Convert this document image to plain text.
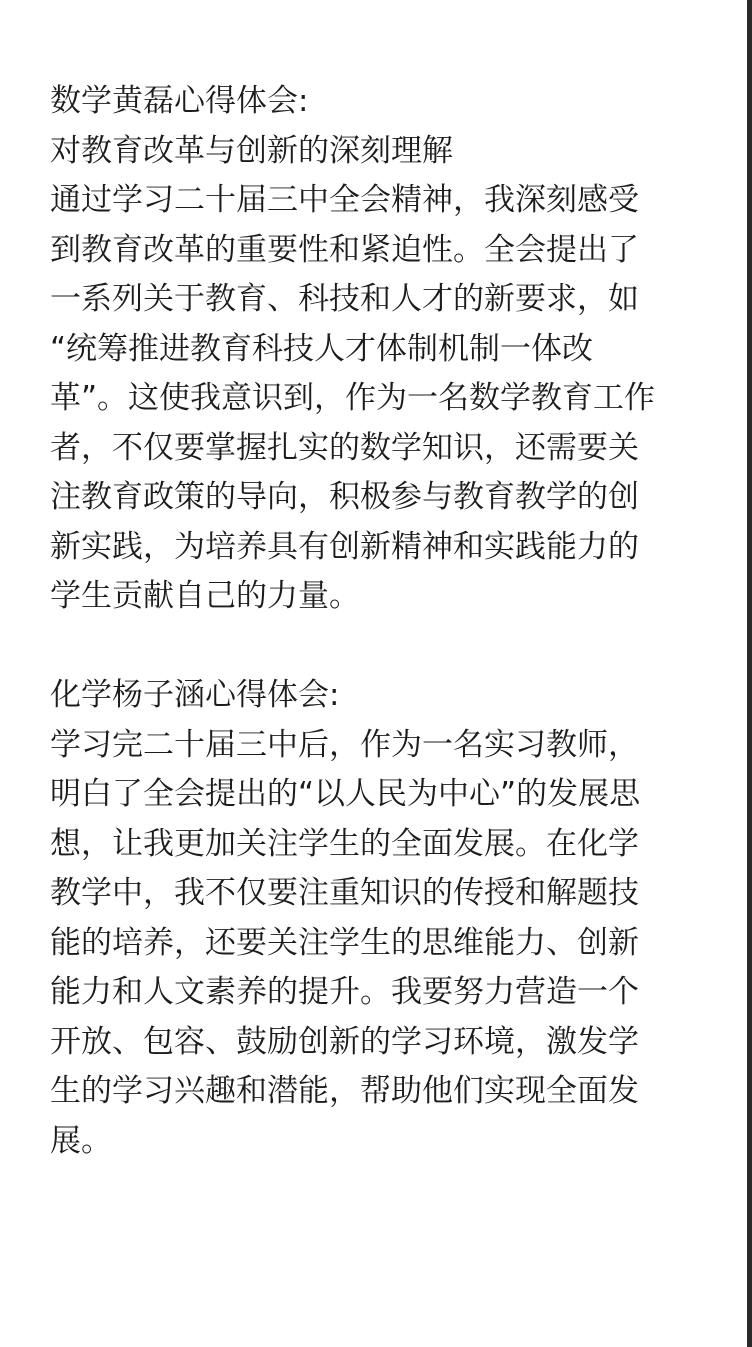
数学黄磊心得体会:
对教育改革与创新的深刻理解
通过学习二十届三中全会精神，我深刻感受
到教育改革的重要性和紧迫性。全会提出了
一系列关于教育、科技和人才的新要求，如
“统筹推进教育科技人才体制机制一体改
革”。这使我意识到，作为一名数学教育工作
者，不仅要掌握扎实的数学知识，还需要关
注教育政策的导向，积极参与教育教学的创
新实践，为培养具有创新精神和实践能力的
学生贡献自己的力量。
化学杨子涵心得体会:
学习完二十届三中后，作为一名实习教师，
明白了全会提出的“以人民为中心”的发展思
想，让我更加关注学生的全面发展。在化学
教学中，我不仅要注重知识的传授和解题技
能的培养，还要关注学生的思维能力、创新
能力和人文素养的提升。我要努力营造一个
开放、包容、鼓励创新的学习环境，激发学
生的学习兴趣和潜能，帮助他们实现全面发
展。
